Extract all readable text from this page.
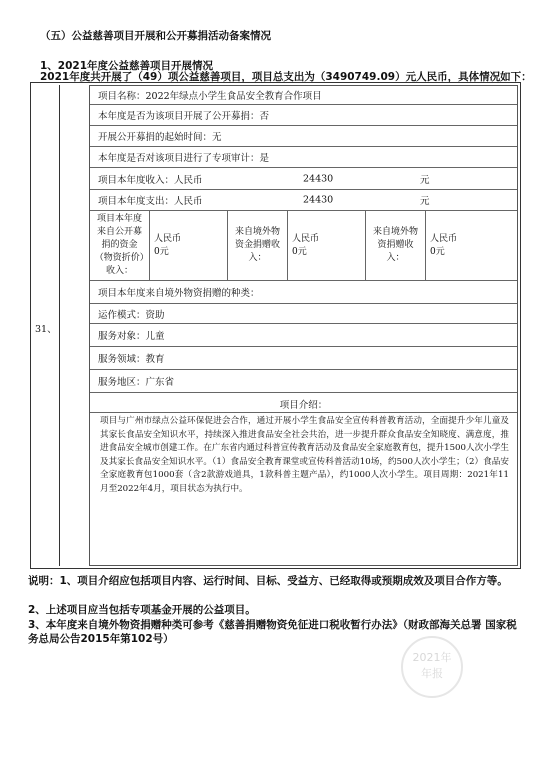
（五）公益慈善项目开展和公开募捐活动备案情况
1、2021年度公益慈善项目开展情况
2021年度共开展了（49）项公益慈善项目，项目总支出为（3490749.09）元人民币，具体情况如下：
31、
项目名称：2022年绿点小学生食品安全教育合作项目
本年度是否为该项目开展了公开募捐：否
开展公开募捐的起始时间：无
本年度是否对该项目进行了专项审计：是
项目本年度收入：人民币	24430	元
项目本年度支出：人民币	24430	元
项目本年度来自公开募捐的资金（物资折价）收入：
人民币
0元
来自境外物资金捐赠收入：
人民币
0元
来自境外物资捐赠收入：
人民币
0元
项目本年度来自境外物资捐赠的种类：
运作模式：资助
服务对象：儿童
服务领域：教育
服务地区：广东省
项目介绍：
项目与广州市绿点公益环保促进会合作，通过开展小学生食品安全宣传科普教育活动，全面提升少年儿童及其家长食品安全知识水平，持续深入推进食品安全社会共治，进一步提升群众食品安全知晓度、满意度，推进食品安全城市创建工作。在广东省内通过科普宣传教育活动及食品安全家庭教育包，提升1500人次小学生及其家长食品安全知识水平。（1）食品安全教育课堂或宣传科普活动10场，约500人次小学生；（2）食品安全家庭教育包1000套（含2款游戏道具，1款科普主题产品），约1000人次小学生。项目周期：2021年11月至2022年4月，项目状态为执行中。
说明：1、项目介绍应包括项目内容、运行时间、目标、受益方、已经取得或预期成效及项目合作方等。
2、上述项目应当包括专项基金开展的公益项目。
3、本年度来自境外物资捐赠种类可参考《慈善捐赠物资免征进口税收暂行办法》（财政部海关总署 国家税务总局公告2015年第102号）
2021年
年报
